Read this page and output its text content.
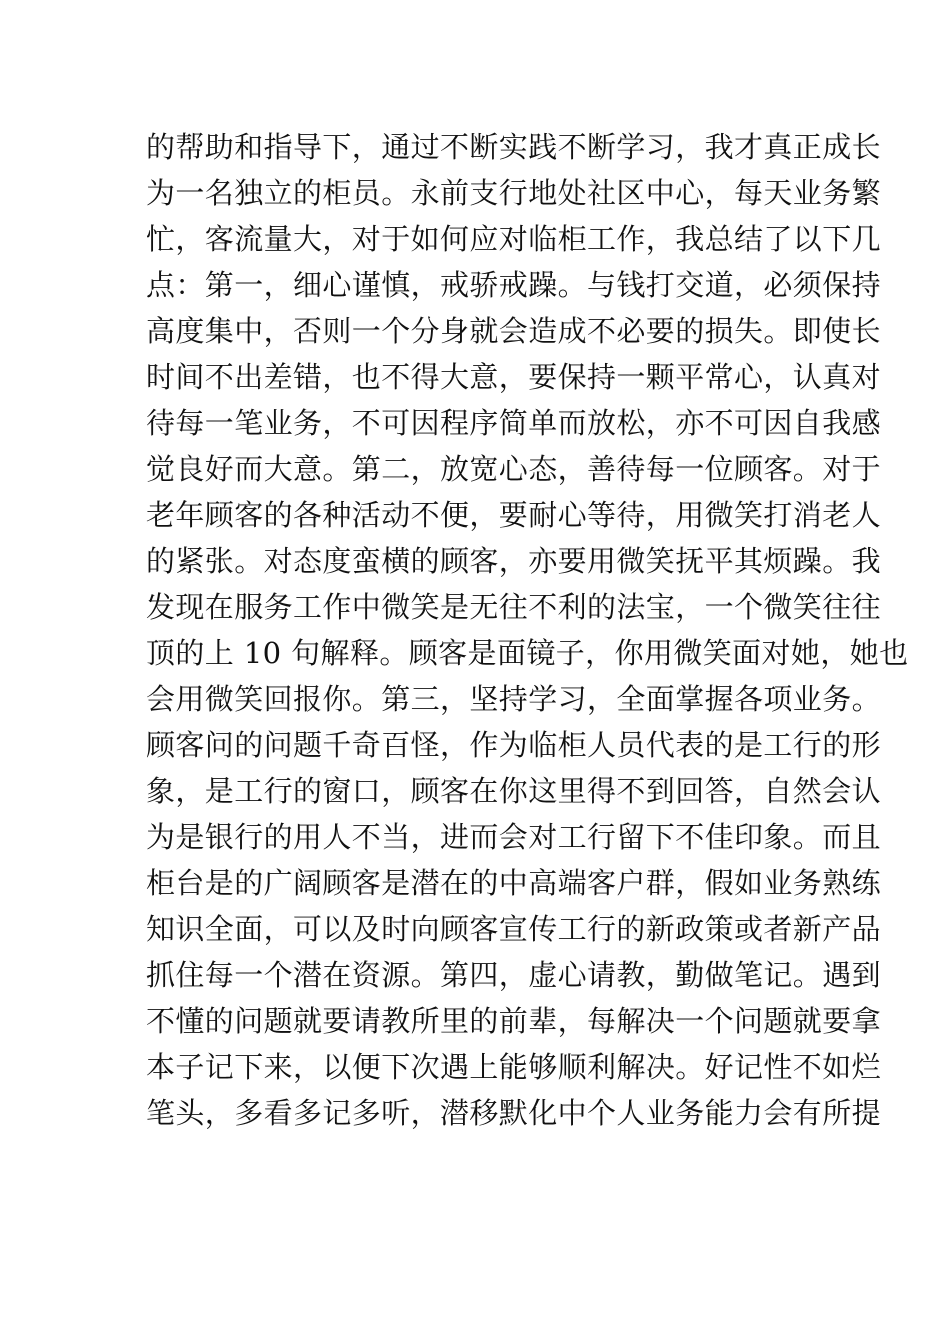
的帮助和指导下，通过不断实践不断学习，我才真正成长
为一名独立的柜员。永前支行地处社区中心，每天业务繁
忙，客流量大，对于如何应对临柜工作，我总结了以下几
点：第一，细心谨慎，戒骄戒躁。与钱打交道，必须保持
高度集中，否则一个分身就会造成不必要的损失。即使长
时间不出差错，也不得大意，要保持一颗平常心，认真对
待每一笔业务，不可因程序简单而放松，亦不可因自我感
觉良好而大意。第二，放宽心态，善待每一位顾客。对于
老年顾客的各种活动不便，要耐心等待，用微笑打消老人
的紧张。对态度蛮横的顾客，亦要用微笑抚平其烦躁。我
发现在服务工作中微笑是无往不利的法宝，一个微笑往往
顶的上 10 句解释。顾客是面镜子，你用微笑面对她，她也
会用微笑回报你。第三，坚持学习，全面掌握各项业务。
顾客问的问题千奇百怪，作为临柜人员代表的是工行的形
象，是工行的窗口，顾客在你这里得不到回答，自然会认
为是银行的用人不当，进而会对工行留下不佳印象。而且
柜台是的广阔顾客是潜在的中高端客户群，假如业务熟练
知识全面，可以及时向顾客宣传工行的新政策或者新产品
抓住每一个潜在资源。第四，虚心请教，勤做笔记。遇到
不懂的问题就要请教所里的前辈，每解决一个问题就要拿
本子记下来，以便下次遇上能够顺利解决。好记性不如烂
笔头，多看多记多听，潜移默化中个人业务能力会有所提
